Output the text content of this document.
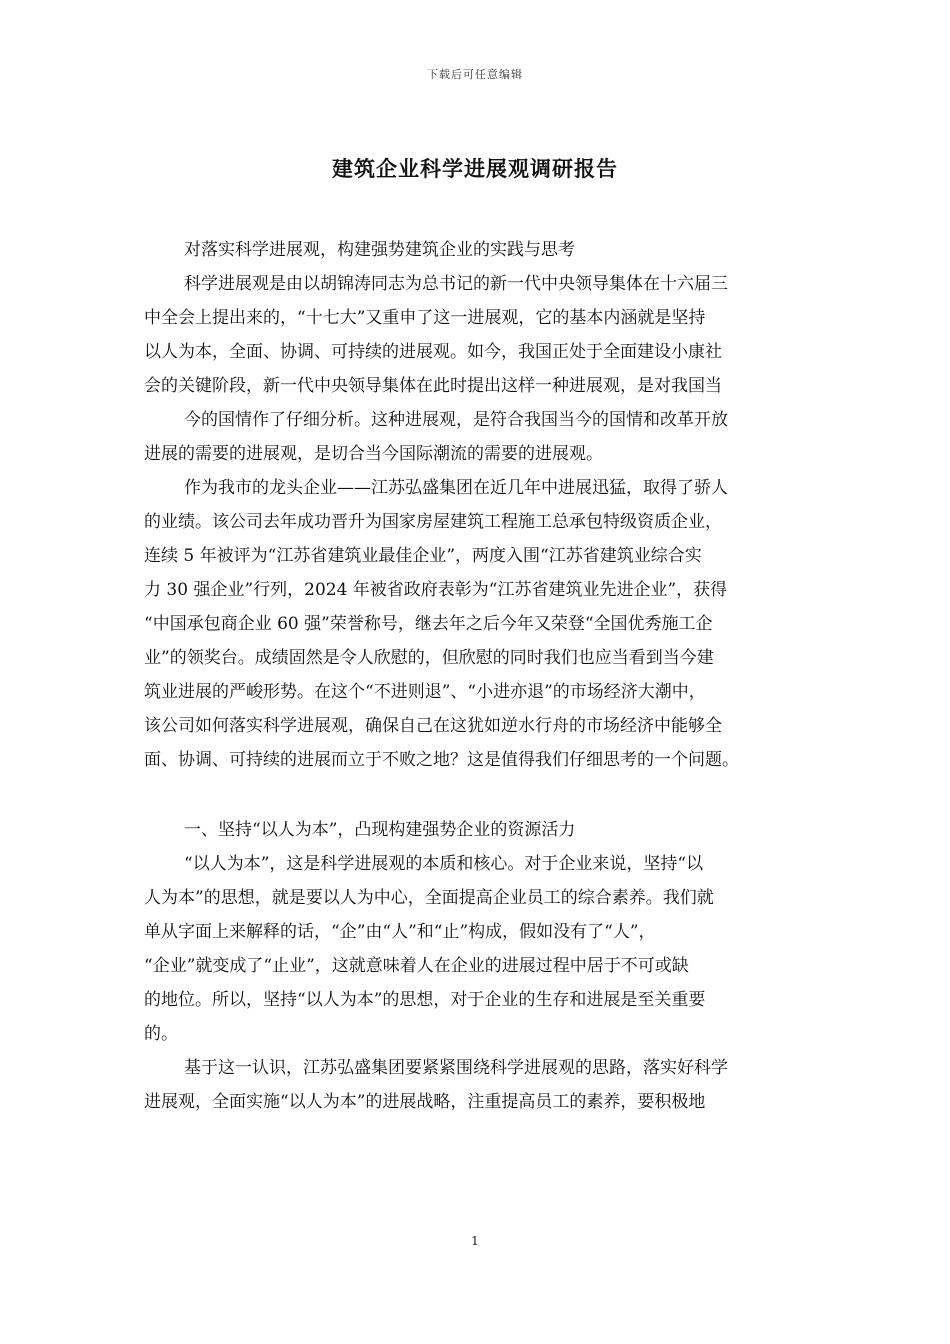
下载后可任意编辑
建筑企业科学进展观调研报告
对落实科学进展观，构建强势建筑企业的实践与思考
科学进展观是由以胡锦涛同志为总书记的新一代中央领导集体在十六届三
中全会上提出来的，“十七大”又重申了这一进展观，它的基本内涵就是坚持
以人为本，全面、协调、可持续的进展观。如今，我国正处于全面建设小康社
会的关键阶段，新一代中央领导集体在此时提出这样一种进展观，是对我国当
今的国情作了仔细分析。这种进展观，是符合我国当今的国情和改革开放
进展的需要的进展观，是切合当今国际潮流的需要的进展观。
作为我市的龙头企业——江苏弘盛集团在近几年中进展迅猛，取得了骄人
的业绩。该公司去年成功晋升为国家房屋建筑工程施工总承包特级资质企业，
连续 5 年被评为“江苏省建筑业最佳企业”，两度入围“江苏省建筑业综合实
力 30 强企业”行列，2024 年被省政府表彰为“江苏省建筑业先进企业”，获得
“中国承包商企业 60 强”荣誉称号，继去年之后今年又荣登“全国优秀施工企
业”的领奖台。成绩固然是令人欣慰的，但欣慰的同时我们也应当看到当今建
筑业进展的严峻形势。在这个“不进则退”、“小进亦退”的市场经济大潮中，
该公司如何落实科学进展观，确保自己在这犹如逆水行舟的市场经济中能够全
面、协调、可持续的进展而立于不败之地？这是值得我们仔细思考的一个问题。
一、坚持“以人为本”，凸现构建强势企业的资源活力
“以人为本”，这是科学进展观的本质和核心。对于企业来说，坚持“以
人为本”的思想，就是要以人为中心，全面提高企业员工的综合素养。我们就
单从字面上来解释的话，“企”由“人”和“止”构成，假如没有了“人”，
“企业”就变成了“止业”，这就意味着人在企业的进展过程中居于不可或缺
的地位。所以，坚持“以人为本”的思想，对于企业的生存和进展是至关重要
的。
基于这一认识，江苏弘盛集团要紧紧围绕科学进展观的思路，落实好科学
进展观，全面实施“以人为本”的进展战略，注重提高员工的素养，要积极地
1
